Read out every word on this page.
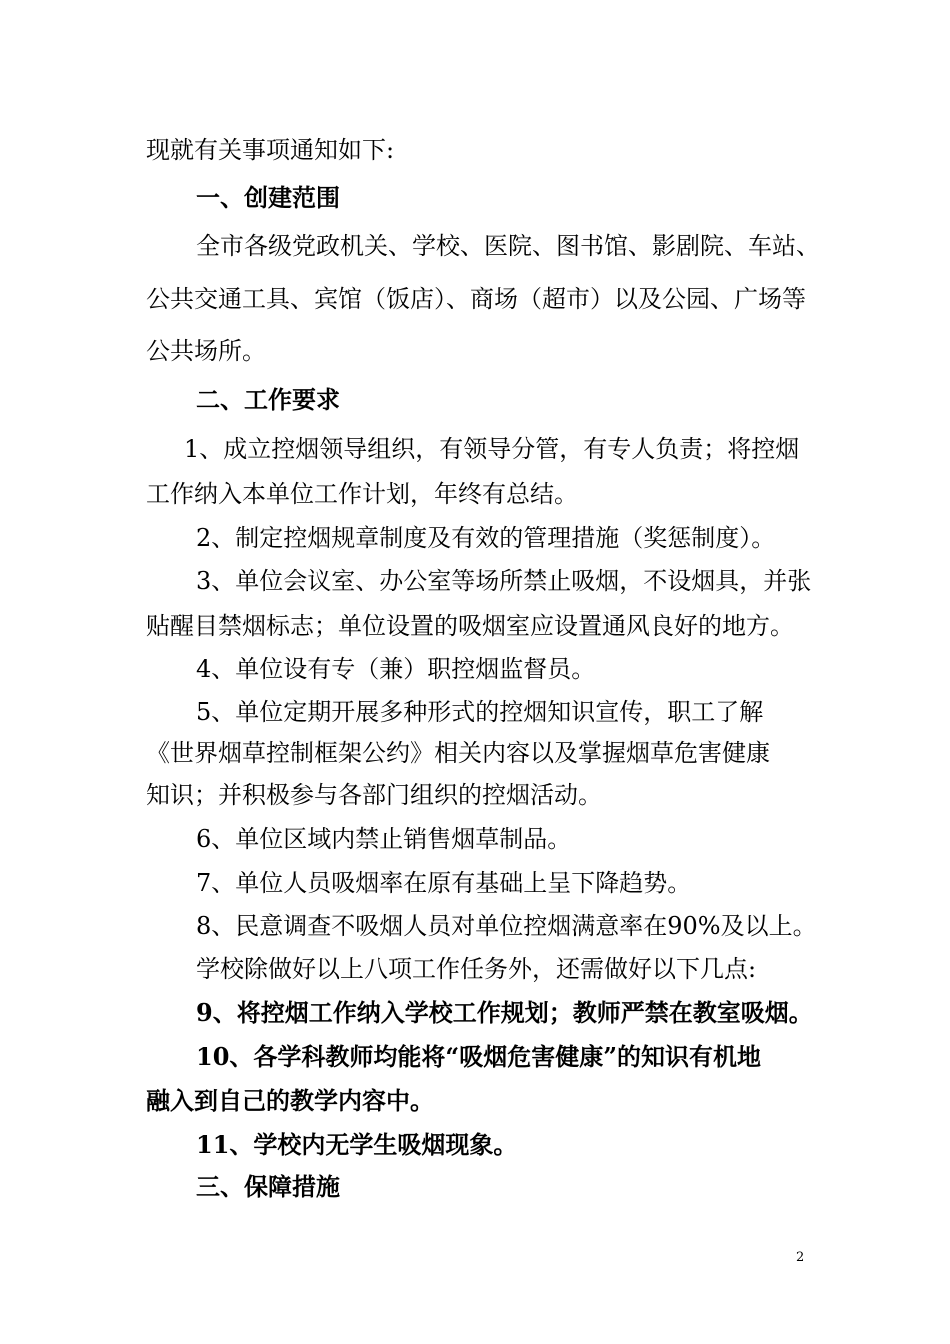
现就有关事项通知如下:
一、创建范围
全市各级党政机关、学校、医院、图书馆、影剧院、车站、
公共交通工具、宾馆（饭店）、商场（超市）以及公园、广场等
公共场所。
二、工作要求
1、成立控烟领导组织，有领导分管，有专人负责；将控烟
工作纳入本单位工作计划，年终有总结。
2、制定控烟规章制度及有效的管理措施（奖惩制度）。
3、单位会议室、办公室等场所禁止吸烟，不设烟具，并张
贴醒目禁烟标志；单位设置的吸烟室应设置通风良好的地方。
4、单位设有专（兼）职控烟监督员。
5、单位定期开展多种形式的控烟知识宣传，职工了解
《世界烟草控制框架公约》相关内容以及掌握烟草危害健康
知识；并积极参与各部门组织的控烟活动。
6、单位区域内禁止销售烟草制品。
7、单位人员吸烟率在原有基础上呈下降趋势。
8、民意调查不吸烟人员对单位控烟满意率在90%及以上。
学校除做好以上八项工作任务外，还需做好以下几点:
9、将控烟工作纳入学校工作规划；教师严禁在教室吸烟。
10、各学科教师均能将“吸烟危害健康”的知识有机地
融入到自己的教学内容中。
11、学校内无学生吸烟现象。
三、保障措施
2
